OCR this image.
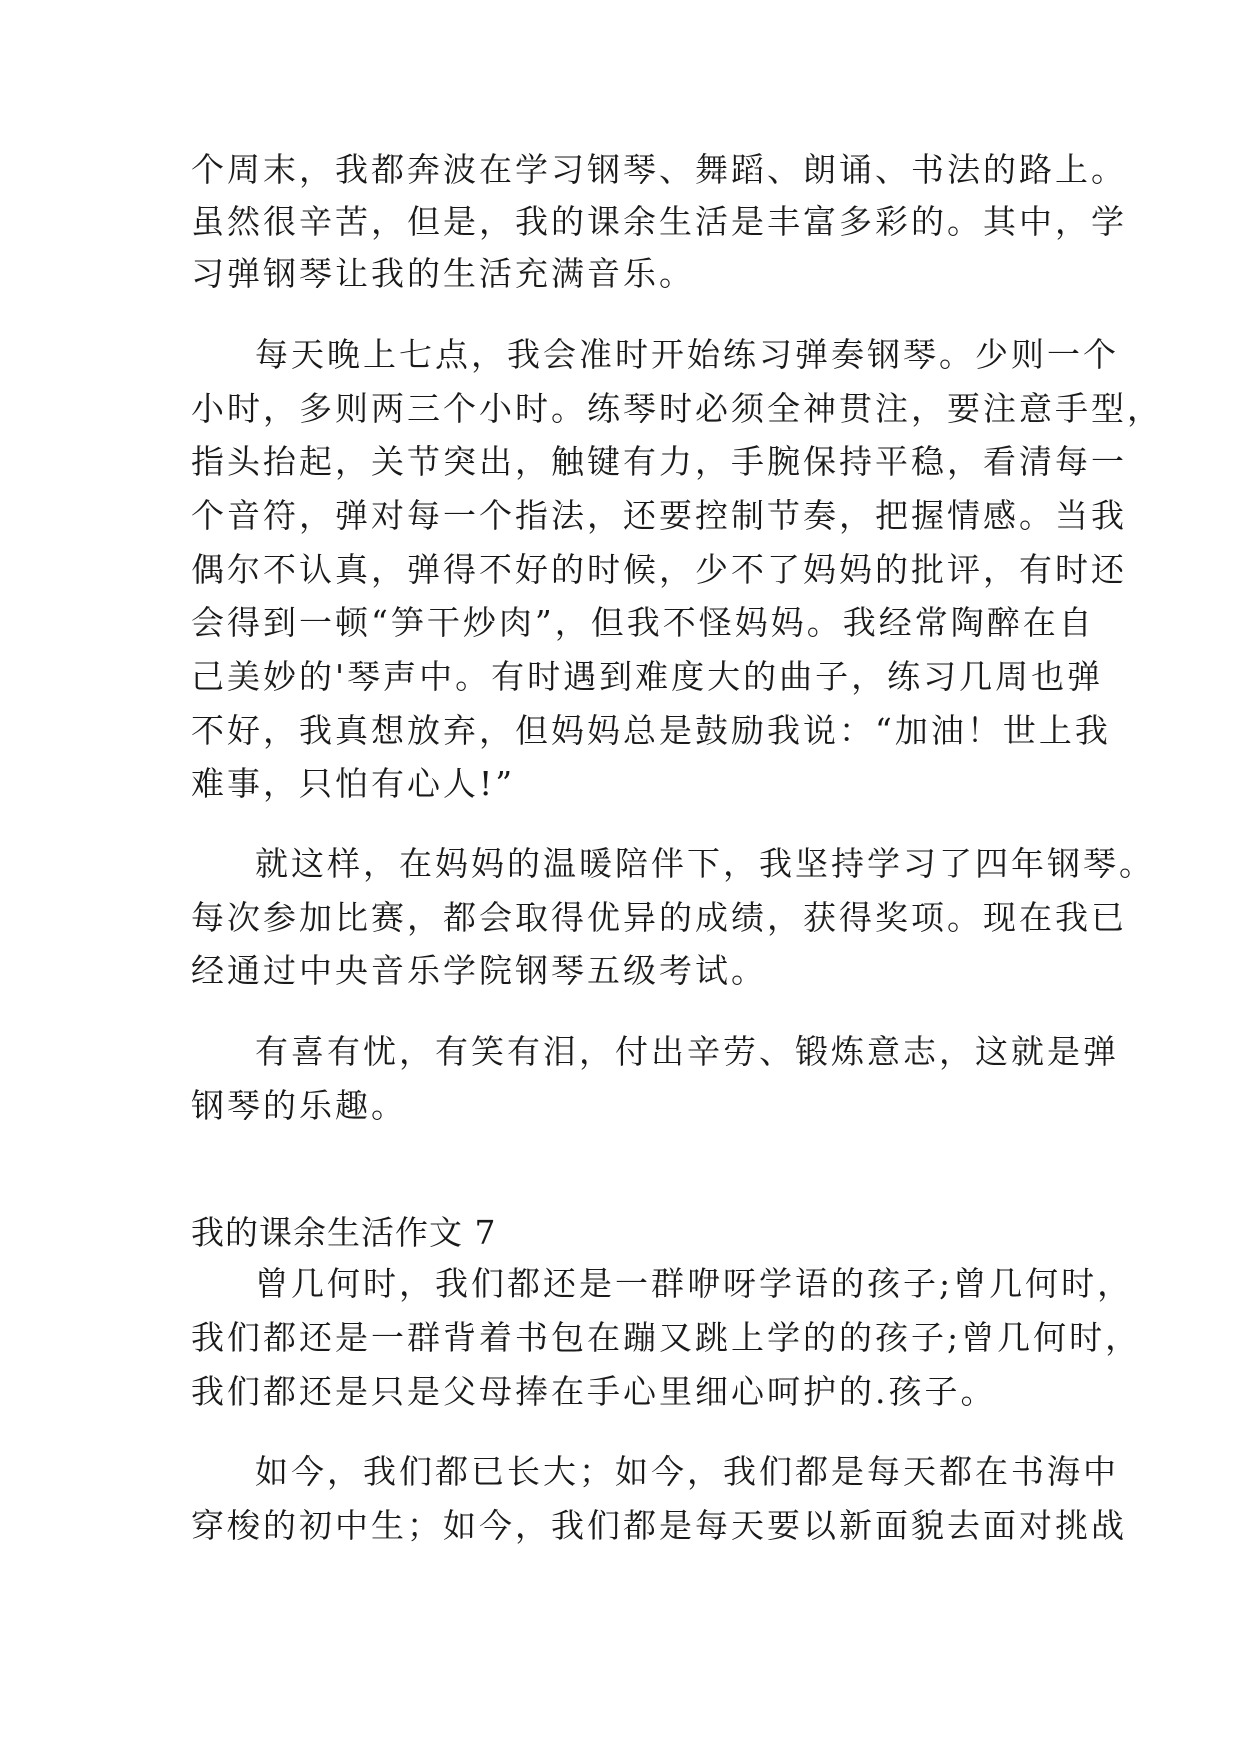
个周末，我都奔波在学习钢琴、舞蹈、朗诵、书法的路上。
虽然很辛苦，但是，我的课余生活是丰富多彩的。其中，学
习弹钢琴让我的生活充满音乐。
每天晚上七点，我会准时开始练习弹奏钢琴。少则一个
小时，多则两三个小时。练琴时必须全神贯注，要注意手型，
指头抬起，关节突出，触键有力，手腕保持平稳，看清每一
个音符，弹对每一个指法，还要控制节奏，把握情感。当我
偶尔不认真，弹得不好的时候，少不了妈妈的批评，有时还
会得到一顿“笋干炒肉”，但我不怪妈妈。我经常陶醉在自
己美妙的'琴声中。有时遇到难度大的曲子，练习几周也弹
不好，我真想放弃，但妈妈总是鼓励我说：“加油！世上我
难事，只怕有心人!”
就这样，在妈妈的温暖陪伴下，我坚持学习了四年钢琴。
每次参加比赛，都会取得优异的成绩，获得奖项。现在我已
经通过中央音乐学院钢琴五级考试。
有喜有忧，有笑有泪，付出辛劳、锻炼意志，这就是弹
钢琴的乐趣。
我的课余生活作文 7
曾几何时，我们都还是一群咿呀学语的孩子;曾几何时，
我们都还是一群背着书包在蹦又跳上学的的孩子;曾几何时，
我们都还是只是父母捧在手心里细心呵护的.孩子。
如今，我们都已长大；如今，我们都是每天都在书海中
穿梭的初中生；如今，我们都是每天要以新面貌去面对挑战
